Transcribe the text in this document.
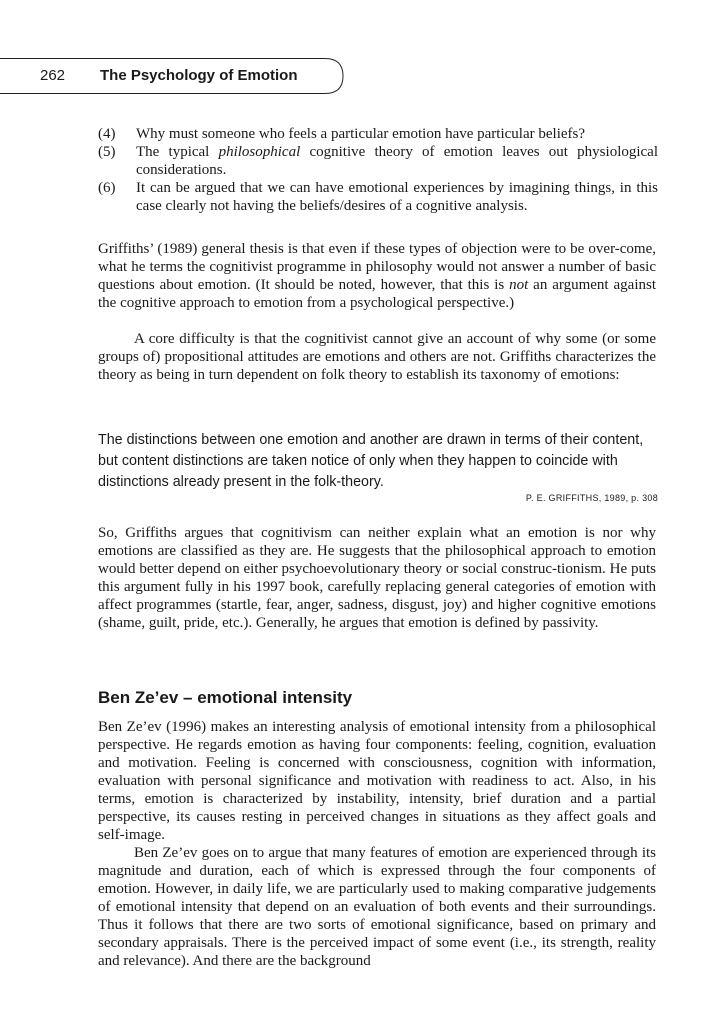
262 The Psychology of Emotion
(4)	Why must someone who feels a particular emotion have particular beliefs?
(5)	The typical philosophical cognitive theory of emotion leaves out physiological considerations.
(6)	It can be argued that we can have emotional experiences by imagining things, in this case clearly not having the beliefs/desires of a cognitive analysis.

Griffiths’ (1989) general thesis is that even if these types of objection were to be over-come, what he terms the cognitivist programme in philosophy would not answer a number of basic questions about emotion. (It should be noted, however, that this is not an argument against the cognitive approach to emotion from a psychological perspective.)

A core difficulty is that the cognitivist cannot give an account of why some (or some groups of) propositional attitudes are emotions and others are not. Griffiths characterizes the theory as being in turn dependent on folk theory to establish its taxonomy of emotions:

The distinctions between one emotion and another are drawn in terms of their content, but content distinctions are taken notice of only when they happen to coincide with distinctions already present in the folk-theory.
P. E. GRIFFITHS, 1989, p. 308

So, Griffiths argues that cognitivism can neither explain what an emotion is nor why emotions are classified as they are. He suggests that the philosophical approach to emotion would better depend on either psychoevolutionary theory or social construc-tionism. He puts this argument fully in his 1997 book, carefully replacing general categories of emotion with affect programmes (startle, fear, anger, sadness, disgust, joy) and higher cognitive emotions (shame, guilt, pride, etc.). Generally, he argues that emotion is defined by passivity.

Ben Ze’ev – emotional intensity

Ben Ze’ev (1996) makes an interesting analysis of emotional intensity from a philosophical perspective. He regards emotion as having four components: feeling, cognition, evaluation and motivation. Feeling is concerned with consciousness, cognition with information, evaluation with personal significance and motivation with readiness to act. Also, in his terms, emotion is characterized by instability, intensity, brief duration and a partial perspective, its causes resting in perceived changes in situations as they affect goals and self-image.

Ben Ze’ev goes on to argue that many features of emotion are experienced through its magnitude and duration, each of which is expressed through the four components of emotion. However, in daily life, we are particularly used to making comparative judgements of emotional intensity that depend on an evaluation of both events and their surroundings. Thus it follows that there are two sorts of emotional significance, based on primary and secondary appraisals. There is the perceived impact of some event (i.e., its strength, reality and relevance). And there are the background
